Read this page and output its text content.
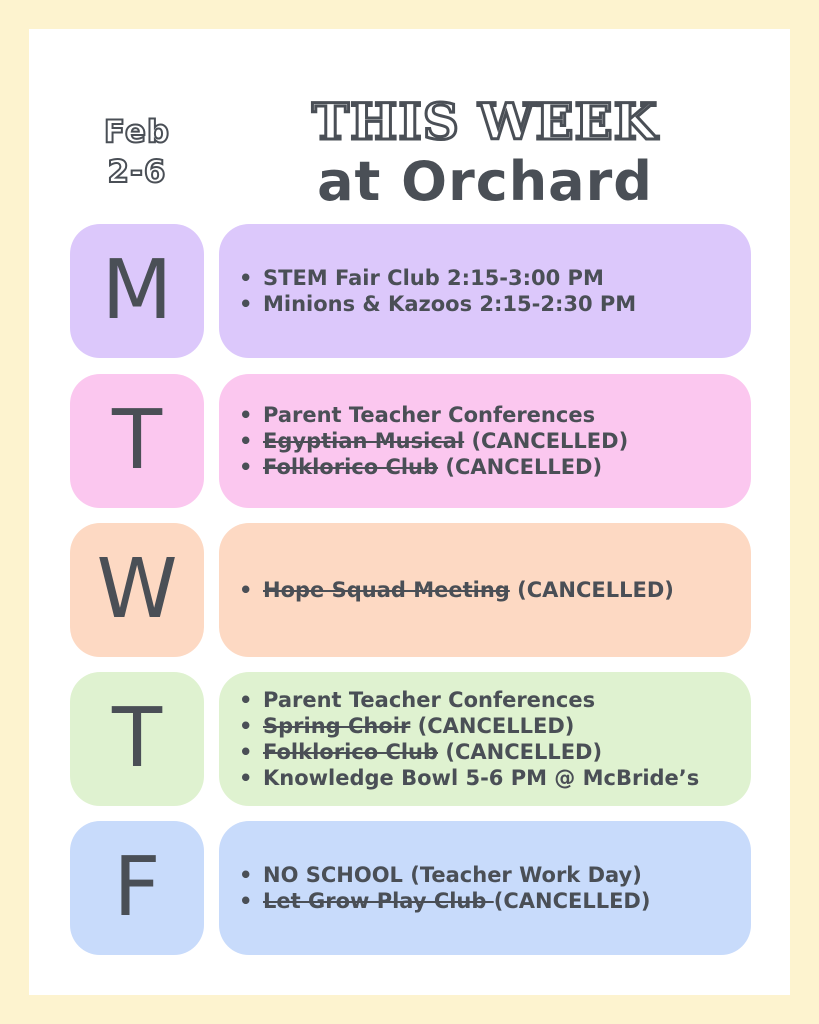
Feb
2-6
THIS WEEK
at Orchard
M	• STEM Fair Club 2:15-3:00 PM
• Minions & Kazoos 2:15-2:30 PM
T	• Parent Teacher Conferences
• Egyptian Musical (CANCELLED)
• Folklorico Club (CANCELLED)
W	• Hope Squad Meeting (CANCELLED)
T	• Parent Teacher Conferences
• Spring Choir (CANCELLED)
• Folklorico Club (CANCELLED)
• Knowledge Bowl 5-6 PM @ McBride’s
F	• NO SCHOOL (Teacher Work Day)
• Let Grow Play Club (CANCELLED)
